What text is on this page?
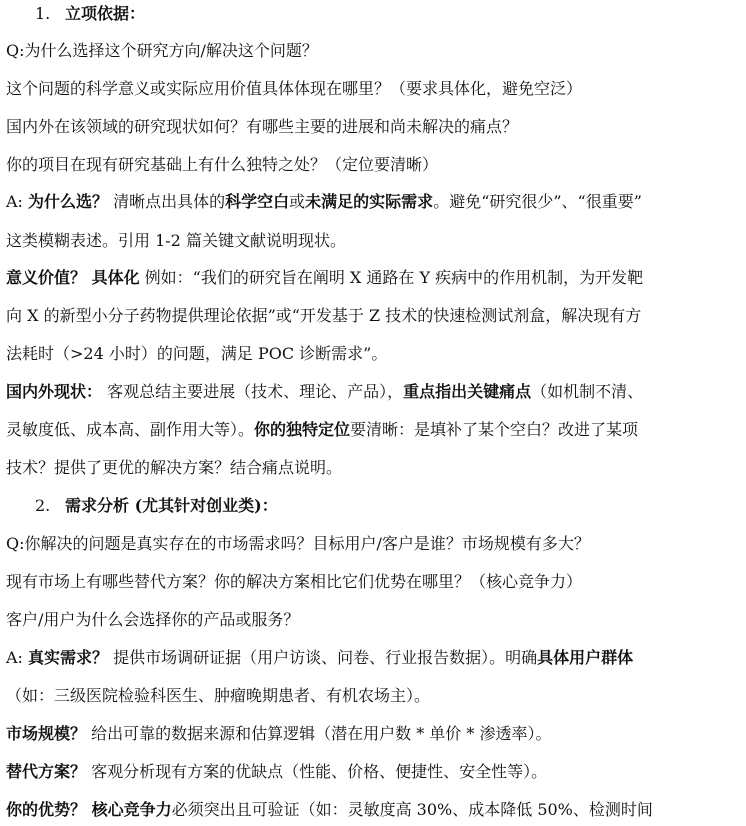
1. 立项依据：
Q:为什么选择这个研究方向/解决这个问题？
这个问题的科学意义或实际应用价值具体体现在哪里？（要求具体化，避免空泛）
国内外在该领域的研究现状如何？有哪些主要的进展和尚未解决的痛点？
你的项目在现有研究基础上有什么独特之处？（定位要清晰）
A: 为什么选？ 清晰点出具体的科学空白或未满足的实际需求。避免“研究很少”、“很重要”
这类模糊表述。引用 1-2 篇关键文献说明现状。
意义价值？ 具体化 例如：“我们的研究旨在阐明 X 通路在 Y 疾病中的作用机制，为开发靶
向 X 的新型小分子药物提供理论依据”或“开发基于 Z 技术的快速检测试剂盒，解决现有方
法耗时（>24 小时）的问题，满足 POC 诊断需求”。
国内外现状： 客观总结主要进展（技术、理论、产品），重点指出关键痛点（如机制不清、
灵敏度低、成本高、副作用大等）。你的独特定位要清晰：是填补了某个空白？改进了某项
技术？提供了更优的解决方案？结合痛点说明。
2. 需求分析 (尤其针对创业类)：
Q:你解决的问题是真实存在的市场需求吗？目标用户/客户是谁？市场规模有多大？
现有市场上有哪些替代方案？你的解决方案相比它们优势在哪里？（核心竞争力）
客户/用户为什么会选择你的产品或服务？
A: 真实需求？ 提供市场调研证据（用户访谈、问卷、行业报告数据）。明确具体用户群体
（如：三级医院检验科医生、肿瘤晚期患者、有机农场主）。
市场规模？ 给出可靠的数据来源和估算逻辑（潜在用户数 * 单价 * 渗透率）。
替代方案？ 客观分析现有方案的优缺点（性能、价格、便捷性、安全性等）。
你的优势？ 核心竞争力必须突出且可验证（如：灵敏度高 30%、成本降低 50%、检测时间
